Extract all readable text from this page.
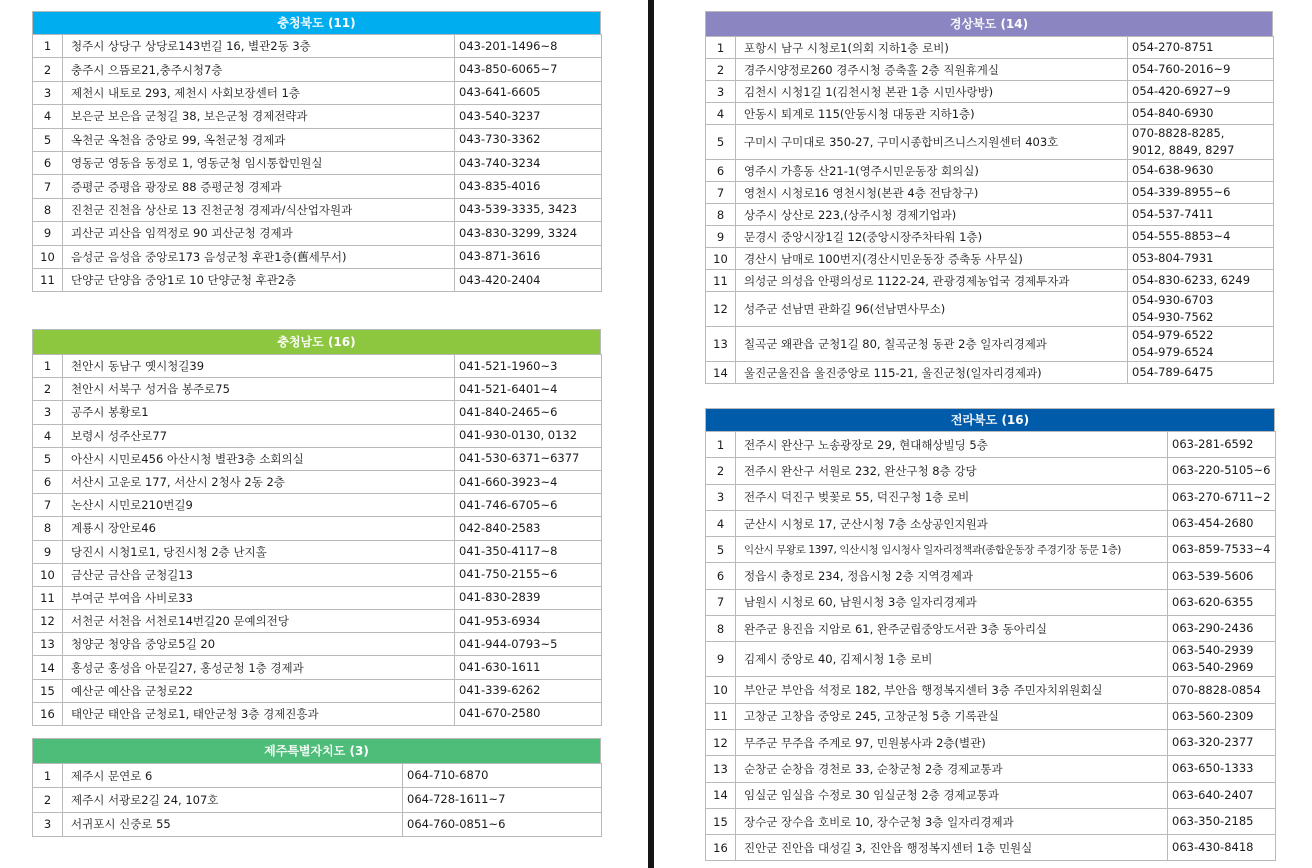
충청북도 (11)
1	청주시 상당구 상당로143번길 16, 별관2동 3층	043-201-1496~8

2	충주시 으뜸로21,충주시청7층	043-850-6065~7

3	제천시 내토로 293, 제천시 사회보장센터 1층	043-641-6605

4	보은군 보은읍 군청길 38, 보은군청 경제전략과	043-540-3237

5	옥천군 옥천읍 중앙로 99, 옥천군청 경제과	043-730-3362

6	영동군 영동읍 동정로 1, 영동군청 임시통합민원실	043-740-3234

7	증평군 증평읍 광장로 88 증평군청 경제과	043-835-4016

8	진천군 진천읍 상산로 13 진천군청 경제과/식산업자원과	043-539-3335, 3423

9	괴산군 괴산읍 임꺽정로 90 괴산군청 경제과	043-830-3299, 3324

10	음성군 음성읍 중앙로173 음성군청 후관1층(舊세무서)	043-871-3616

11	단양군 단양읍 중앙1로 10 단양군청 후관2층	043-420-2404
충청남도 (16)
1	천안시 동남구 옛시청길39	041-521-1960~3

2	천안시 서북구 성거읍 봉주로75	041-521-6401~4

3	공주시 봉황로1	041-840-2465~6

4	보령시 성주산로77	041-930-0130, 0132

5	아산시 시민로456 아산시청 별관3층 소회의실	041-530-6371~6377

6	서산시 고운로 177, 서산시 2청사 2동 2층	041-660-3923~4

7	논산시 시민로210번길9	041-746-6705~6

8	계룡시 장안로46	042-840-2583

9	당진시 시청1로1, 당진시청 2층 난지홀	041-350-4117~8

10	금산군 금산읍 군청길13	041-750-2155~6

11	부여군 부여읍 사비로33	041-830-2839

12	서천군 서천읍 서천로14번길20 문예의전당	041-953-6934

13	청양군 청양읍 중앙로5길 20	041-944-0793~5

14	홍성군 홍성읍 아문길27, 홍성군청 1층 경제과	041-630-1611

15	예산군 예산읍 군청로22	041-339-6262

16	태안군 태안읍 군청로1, 태안군청 3층 경제진흥과	041-670-2580
제주특별자치도 (3)
1	제주시 문연로 6	064-710-6870

2	제주시 서광로2길 24, 107호	064-728-1611~7

3	서귀포시 신중로 55	064-760-0851~6
경상북도 (14)
1	포항시 남구 시청로1(의회 지하1층 로비)	054-270-8751

2	경주시양정로260 경주시청 증축홀 2층 직원휴게실	054-760-2016~9

3	김천시 시청1길 1(김천시청 본관 1층 시민사랑방)	054-420-6927~9

4	안동시 퇴계로 115(안동시청 대동관 지하1층)	054-840-6930

5	구미시 구미대로 350-27, 구미시종합비즈니스지원센터 403호	070-8828-8285,
9012, 8849, 8297

6	영주시 가흥동 산21-1(영주시민운동장 회의실)	054-638-9630

7	영천시 시청로16 영천시청(본관 4층 전담창구)	054-339-8955~6

8	상주시 상산로 223,(상주시청 경제기업과)	054-537-7411

9	문경시 중앙시장1길 12(중앙시장주차타워 1층)	054-555-8853~4

10	경산시 남매로 100번지(경산시민운동장 증축동 사무실)	053-804-7931

11	의성군 의성읍 안평의성로 1122-24, 관광경제농업국 경제투자과	054-830-6233, 6249

12	성주군 선남면 관화길 96(선남면사무소)	054-930-6703
054-930-7562

13	칠곡군 왜관읍 군청1길 80, 칠곡군청 동관 2층 일자리경제과	054-979-6522
054-979-6524

14	울진군울진읍 울진중앙로 115-21, 울진군청(일자리경제과)	054-789-6475
전라북도 (16)
1	전주시 완산구 노송광장로 29, 현대해상빌딩 5층	063-281-6592

2	전주시 완산구 서원로 232, 완산구청 8층 강당	063-220-5105~6

3	전주시 덕진구 벚꽃로 55, 덕진구청 1층 로비	063-270-6711~2

4	군산시 시청로 17, 군산시청 7층 소상공인지원과	063-454-2680

5	익산시 무왕로 1397, 익산시청 임시청사 일자리정책과(종합운동장 주경기장 동문 1층)	063-859-7533~4

6	정읍시 충정로 234, 정읍시청 2층 지역경제과	063-539-5606

7	남원시 시청로 60, 남원시청 3층 일자리경제과	063-620-6355

8	완주군 용진읍 지암로 61, 완주군립중앙도서관 3층 동아리실	063-290-2436

9	김제시 중앙로 40, 김제시청 1층 로비	063-540-2939
063-540-2969

10	부안군 부안읍 석정로 182, 부안읍 행정복지센터 3층 주민자치위원회실	070-8828-0854

11	고창군 고창읍 중앙로 245, 고창군청 5층 기록관실	063-560-2309

12	무주군 무주읍 주계로 97, 민원봉사과 2층(별관)	063-320-2377

13	순창군 순창읍 경천로 33, 순창군청 2층 경제교통과	063-650-1333

14	임실군 임실읍 수정로 30 임실군청 2층 경제교통과	063-640-2407

15	장수군 장수읍 호비로 10, 장수군청 3층 일자리경제과	063-350-2185

16	진안군 진안읍 대성길 3, 진안읍 행정복지센터 1층 민원실	063-430-8418
